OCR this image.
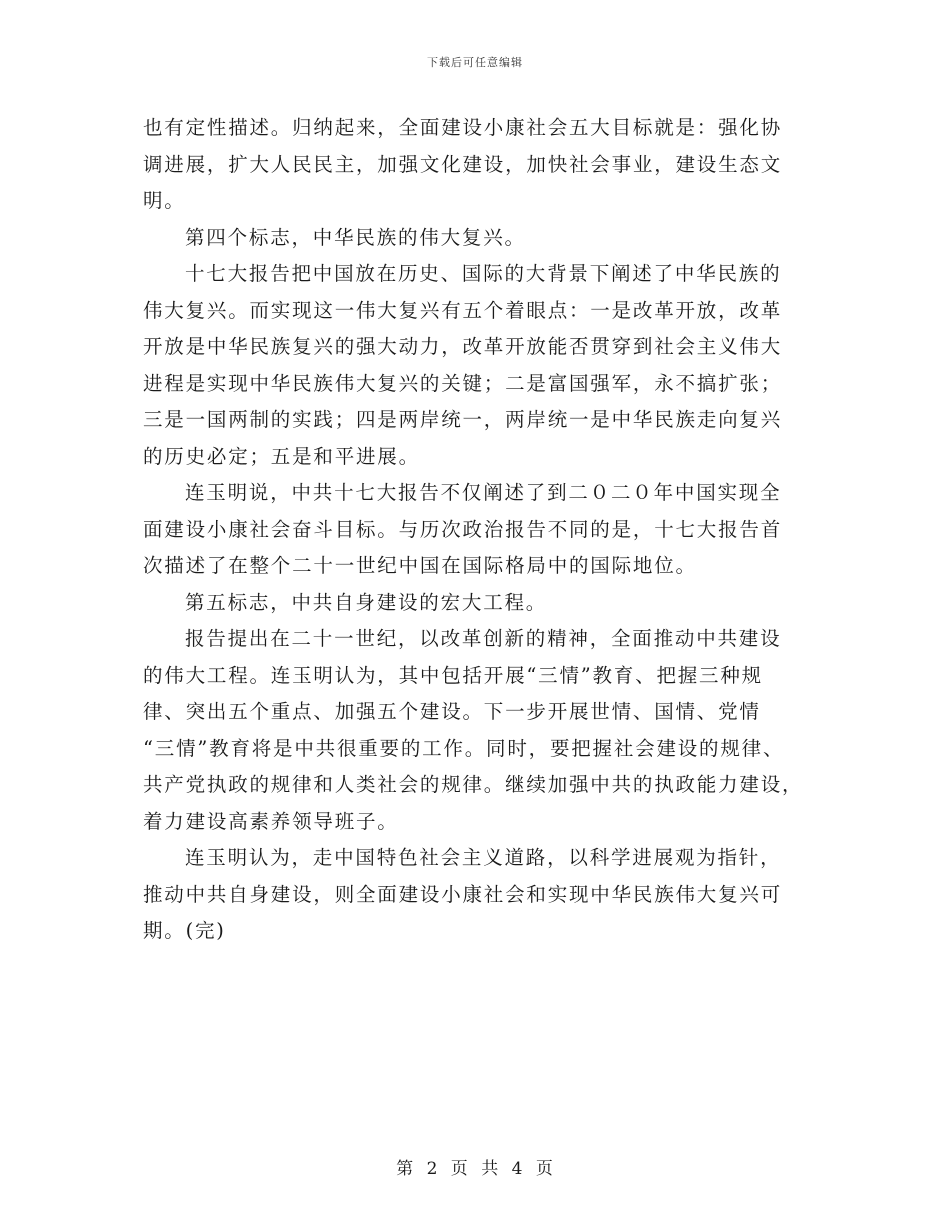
下载后可任意编辑
也有定性描述。归纳起来，全面建设小康社会五大目标就是：强化协
调进展，扩大人民民主，加强文化建设，加快社会事业，建设生态文
明。
第四个标志，中华民族的伟大复兴。
十七大报告把中国放在历史、国际的大背景下阐述了中华民族的
伟大复兴。而实现这一伟大复兴有五个着眼点：一是改革开放，改革
开放是中华民族复兴的强大动力，改革开放能否贯穿到社会主义伟大
进程是实现中华民族伟大复兴的关键；二是富国强军，永不搞扩张；
三是一国两制的实践；四是两岸统一，两岸统一是中华民族走向复兴
的历史必定；五是和平进展。
连玉明说，中共十七大报告不仅阐述了到二０二０年中国实现全
面建设小康社会奋斗目标。与历次政治报告不同的是，十七大报告首
次描述了在整个二十一世纪中国在国际格局中的国际地位。
第五标志，中共自身建设的宏大工程。
报告提出在二十一世纪，以改革创新的精神，全面推动中共建设
的伟大工程。连玉明认为，其中包括开展“三情”教育、把握三种规
律、突出五个重点、加强五个建设。下一步开展世情、国情、党情
“三情”教育将是中共很重要的工作。同时，要把握社会建设的规律、
共产党执政的规律和人类社会的规律。继续加强中共的执政能力建设，
着力建设高素养领导班子。
连玉明认为，走中国特色社会主义道路，以科学进展观为指针，
推动中共自身建设，则全面建设小康社会和实现中华民族伟大复兴可
期。(完)
第 2 页 共 4 页
